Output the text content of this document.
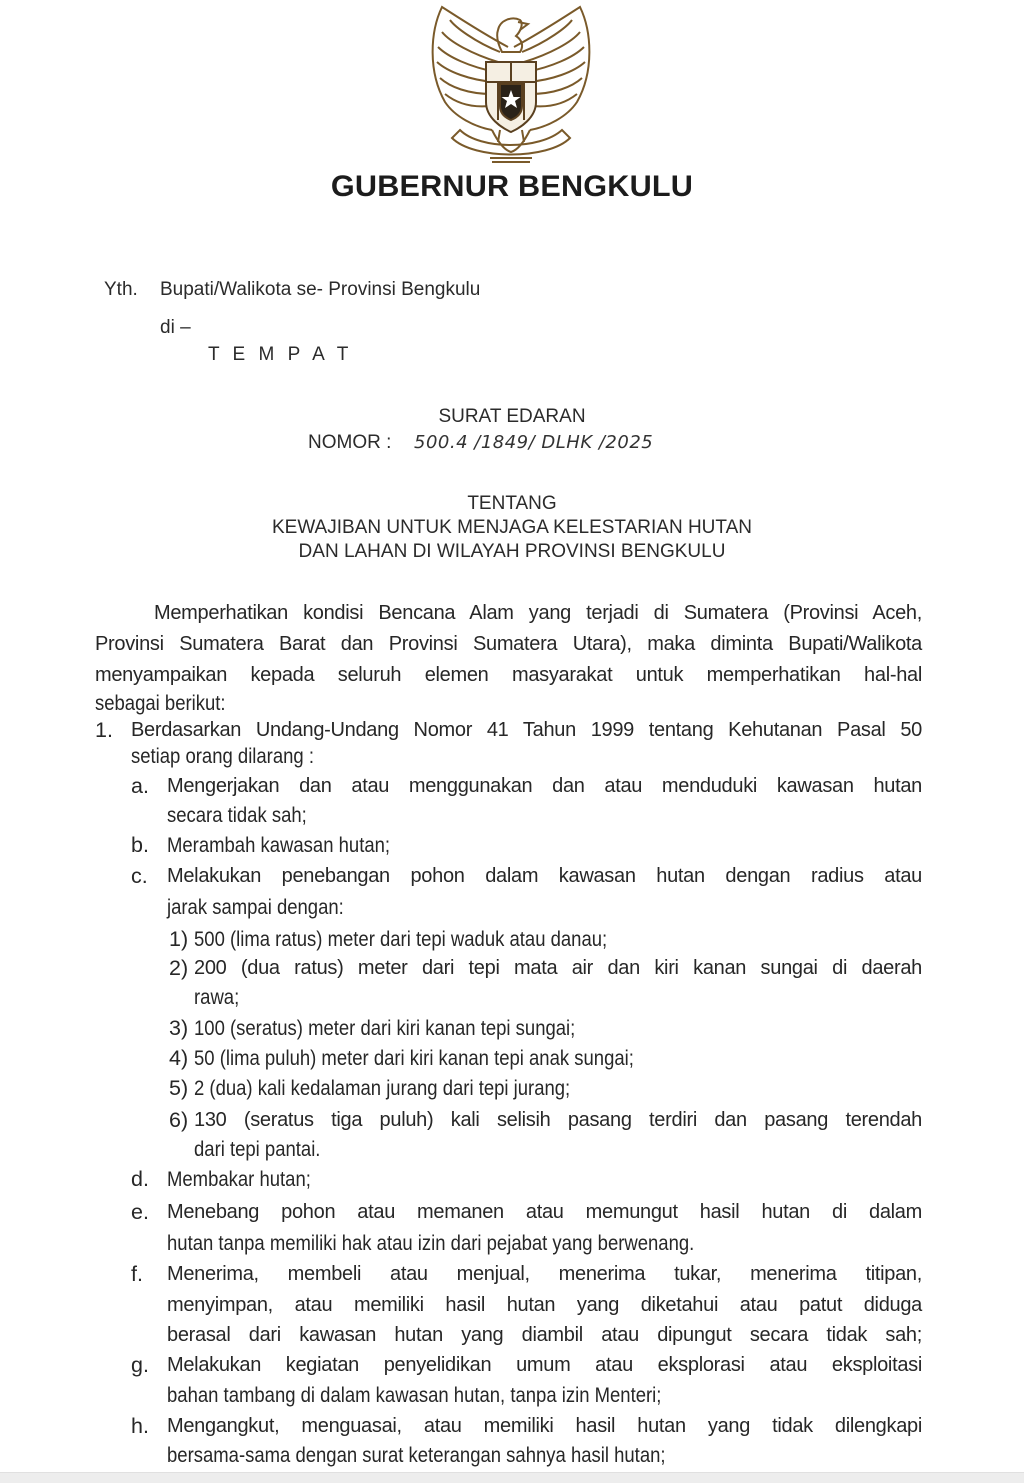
GUBERNUR BENGKULU
Yth. Bupati/Walikota se- Provinsi Bengkulu
di –
T E M P A T
SURAT EDARAN
NOMOR : 500.4 /1849/ DLHK /2025
TENTANG
KEWAJIBAN UNTUK MENJAGA KELESTARIAN HUTAN
DAN LAHAN DI WILAYAH PROVINSI BENGKULU
Memperhatikan kondisi Bencana Alam yang terjadi di Sumatera (Provinsi Aceh,
Provinsi Sumatera Barat dan Provinsi Sumatera Utara), maka diminta Bupati/Walikota
menyampaikan kepada seluruh elemen masyarakat untuk memperhatikan hal-hal
sebagai berikut:
1. Berdasarkan Undang-Undang Nomor 41 Tahun 1999 tentang Kehutanan Pasal 50
setiap orang dilarang :
a. Mengerjakan dan atau menggunakan dan atau menduduki kawasan hutan
secara tidak sah;
b. Merambah kawasan hutan;
c. Melakukan penebangan pohon dalam kawasan hutan dengan radius atau
jarak sampai dengan:
1) 500 (lima ratus) meter dari tepi waduk atau danau;
2) 200 (dua ratus) meter dari tepi mata air dan kiri kanan sungai di daerah
rawa;
3) 100 (seratus) meter dari kiri kanan tepi sungai;
4) 50 (lima puluh) meter dari kiri kanan tepi anak sungai;
5) 2 (dua) kali kedalaman jurang dari tepi jurang;
6) 130 (seratus tiga puluh) kali selisih pasang terdiri dan pasang terendah
dari tepi pantai.
d. Membakar hutan;
e. Menebang pohon atau memanen atau memungut hasil hutan di dalam
hutan tanpa memiliki hak atau izin dari pejabat yang berwenang.
f. Menerima, membeli atau menjual, menerima tukar, menerima titipan,
menyimpan, atau memiliki hasil hutan yang diketahui atau patut diduga
berasal dari kawasan hutan yang diambil atau dipungut secara tidak sah;
g. Melakukan kegiatan penyelidikan umum atau eksplorasi atau eksploitasi
bahan tambang di dalam kawasan hutan, tanpa izin Menteri;
h. Mengangkut, menguasai, atau memiliki hasil hutan yang tidak dilengkapi
bersama-sama dengan surat keterangan sahnya hasil hutan;
